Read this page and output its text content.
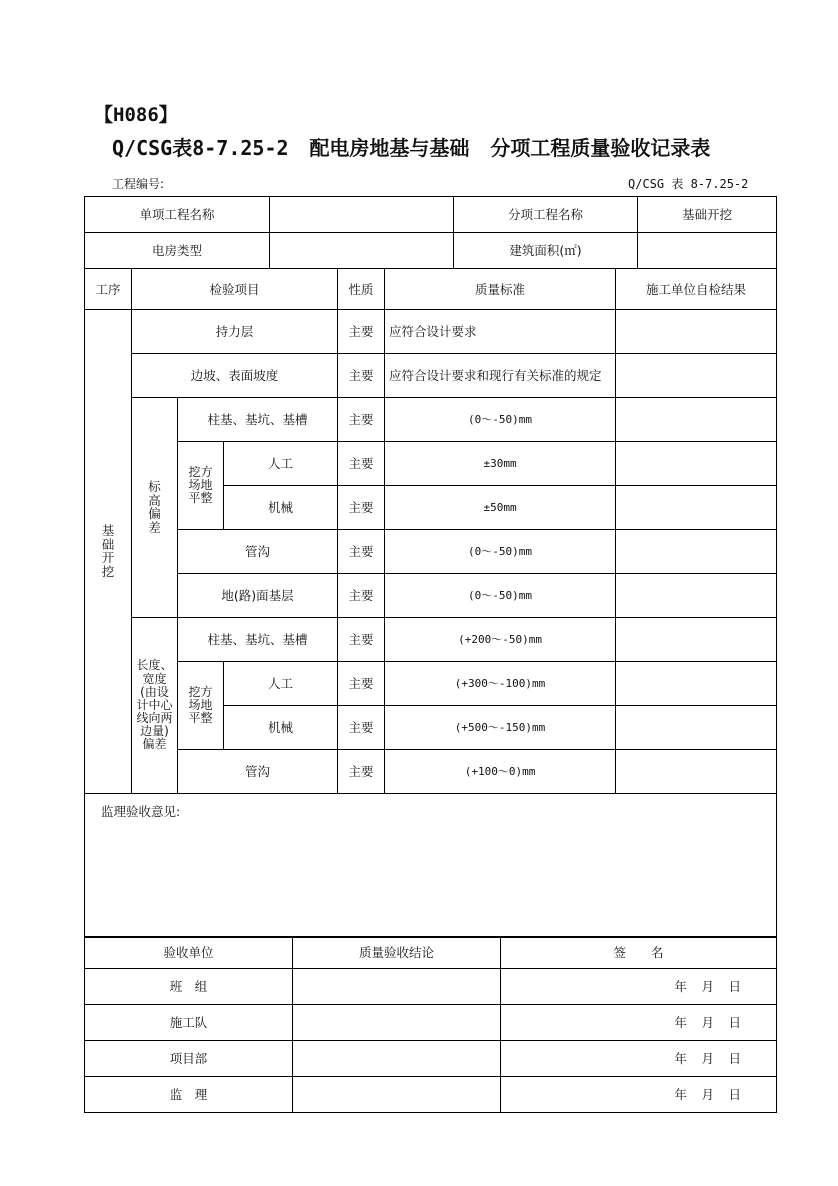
【H086】
Q/CSG表8-7.25-2 配电房地基与基础 分项工程质量验收记录表
工程编号:	Q/CSG 表 8-7.25-2
单项工程名称		分项工程名称	基础开挖
电房类型		建筑面积(㎡)	
工序	检验项目			性质	质量标准	施工单位自检结果
基础开挖	持力层			主要	应符合设计要求	
	边坡、表面坡度			主要	应符合设计要求和现行有关标准的规定	
	标高偏差	柱基、基坑、基槽		主要	(0～-50)mm	
		挖方场地平整	人工	主要	±30mm	
			机械	主要	±50mm	
		管沟		主要	(0～-50)mm	
		地(路)面基层		主要	(0～-50)mm	
	长度、宽度(由设计中心线向两边量)偏差	柱基、基坑、基槽		主要	(+200～-50)mm	
		挖方场地平整	人工	主要	(+300～-100)mm	
			机械	主要	(+500～-150)mm	
		管沟		主要	(+100～0)mm	
监理验收意见:						
验收单位	质量验收结论	签　　名
班　组		年　月　日
施工队		年　月　日
项目部		年　月　日
监　理		年　月　日
